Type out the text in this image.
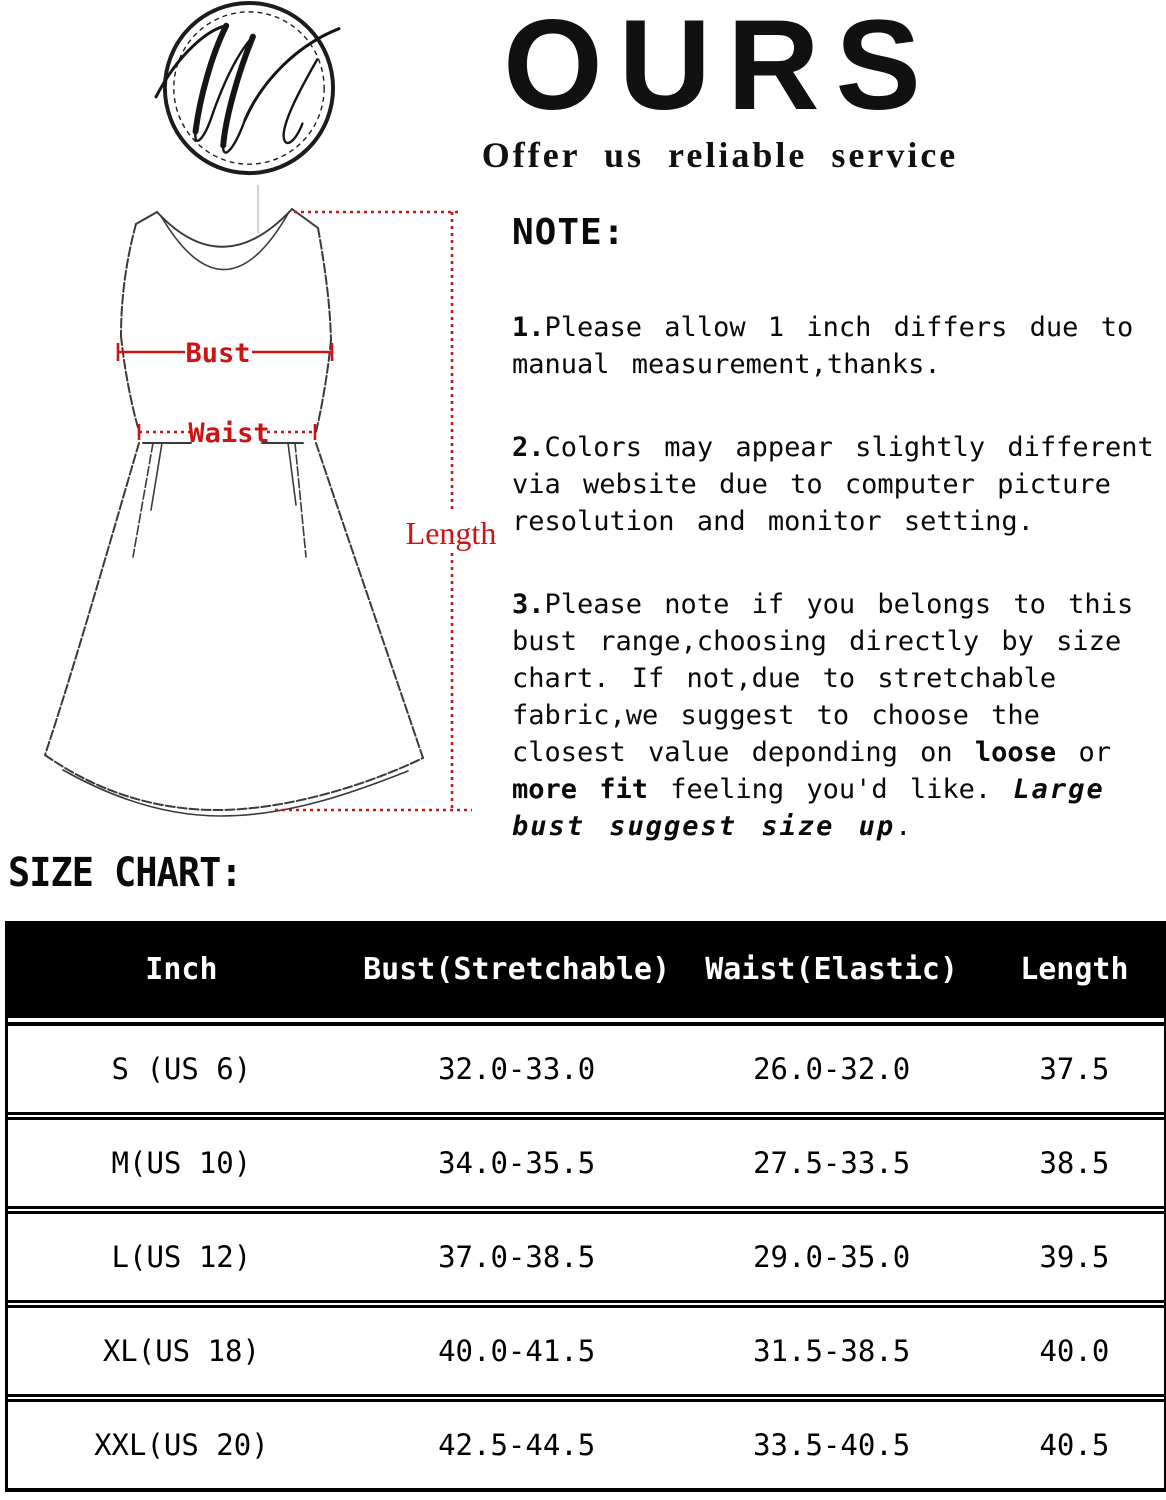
OURS
Offer us reliable service
Bust
Waist
Length
NOTE:

1.Please allow 1 inch differs due to manual measurement,thanks.

2.Colors may appear slightly different via website due to computer picture resolution and monitor setting.

3.Please note if you belongs to this bust range,choosing directly by size chart. If not,due to stretchable fabric,we suggest to choose the closest value deponding on loose or more fit feeling you'd like. Large bust suggest size up.

SIZE CHART:
Inch	Bust(Stretchable)	Waist(Elastic)	Length
S (US 6)	32.0-33.0	26.0-32.0	37.5
M(US 10)	34.0-35.5	27.5-33.5	38.5
L(US 12)	37.0-38.5	29.0-35.0	39.5
XL(US 18)	40.0-41.5	31.5-38.5	40.0
XXL(US 20)	42.5-44.5	33.5-40.5	40.5
